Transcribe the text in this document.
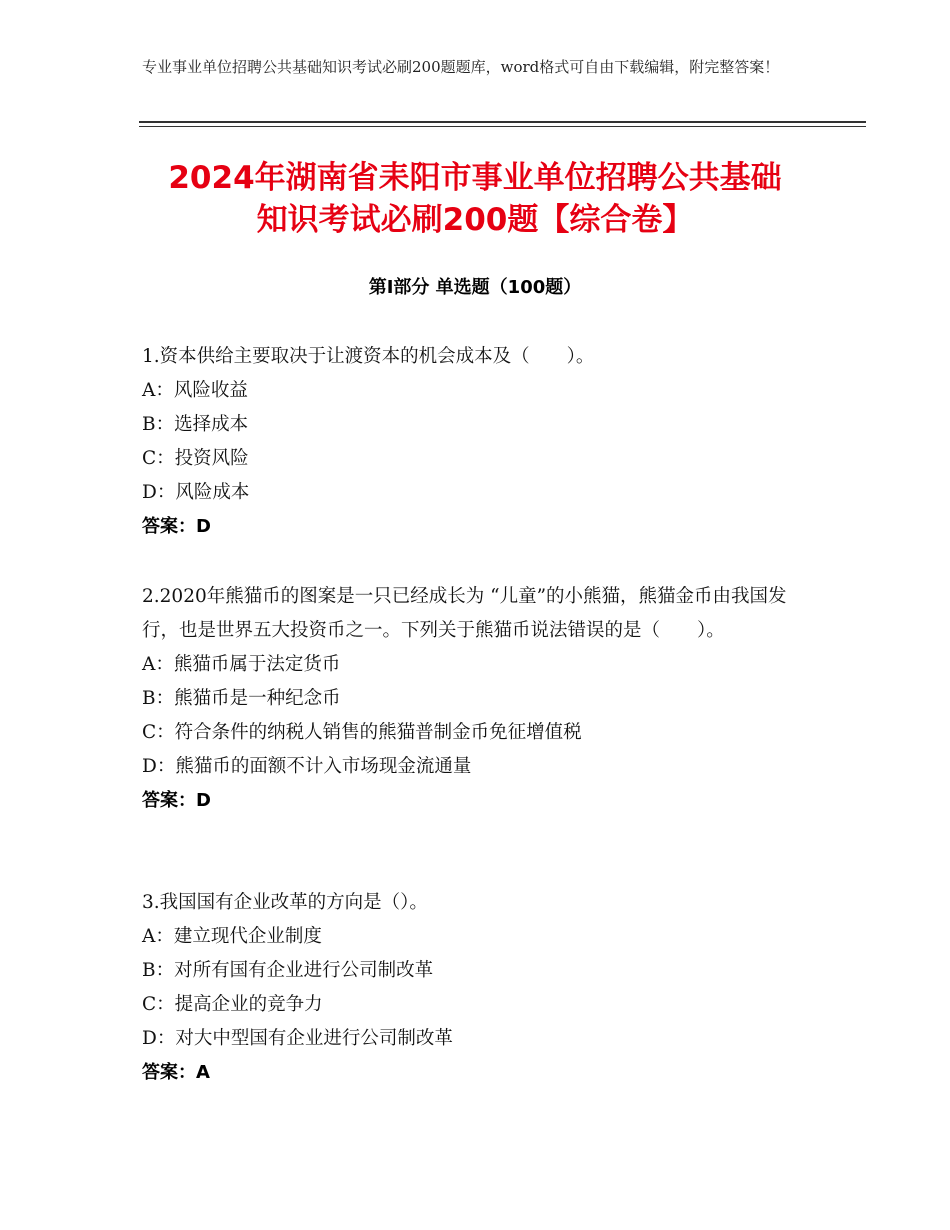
专业事业单位招聘公共基础知识考试必刷200题题库，word格式可自由下载编辑，附完整答案！
2024年湖南省耒阳市事业单位招聘公共基础
知识考试必刷200题【综合卷】
第I部分 单选题（100题）
1.资本供给主要取决于让渡资本的机会成本及（　　）。
A：风险收益
B：选择成本
C：投资风险
D：风险成本
答案：D
2.2020年熊猫币的图案是一只已经成长为 “儿童”的小熊猫，熊猫金币由我国发行，也是世界五大投资币之一。下列关于熊猫币说法错误的是（　　）。
A：熊猫币属于法定货币
B：熊猫币是一种纪念币
C：符合条件的纳税人销售的熊猫普制金币免征增值税
D：熊猫币的面额不计入市场现金流通量
答案：D
3.我国国有企业改革的方向是（）。
A：建立现代企业制度
B：对所有国有企业进行公司制改革
C：提高企业的竞争力
D：对大中型国有企业进行公司制改革
答案：A
